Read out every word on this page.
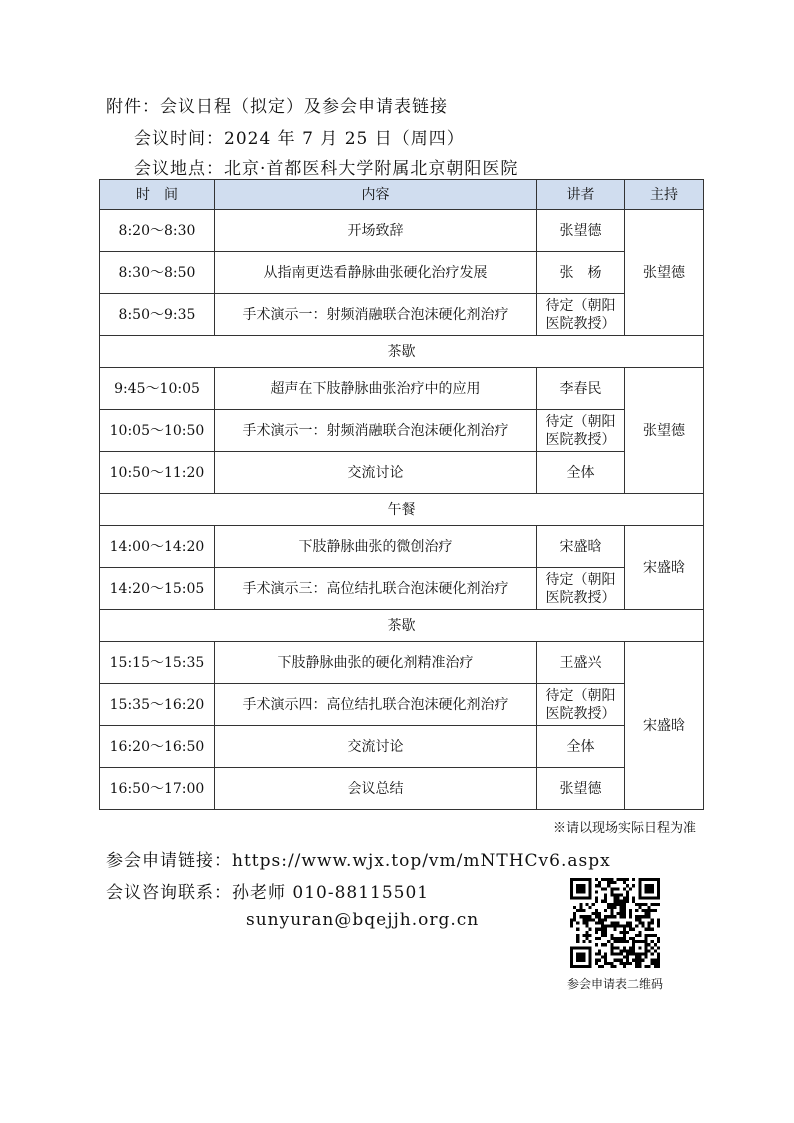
附件：会议日程（拟定）及参会申请表链接
会议时间：2024 年 7 月 25 日（周四）
会议地点：北京·首都医科大学附属北京朝阳医院
时　间	内容	讲者	主持
8:20～8:30	开场致辞	张望德	张望德
8:30～8:50	从指南更迭看静脉曲张硬化治疗发展	张　杨	
8:50～9:35	手术演示一：射频消融联合泡沫硬化剂治疗	待定（朝阳医院教授）	
茶歇			
9:45～10:05	超声在下肢静脉曲张治疗中的应用	李春民	张望德
10:05～10:50	手术演示一：射频消融联合泡沫硬化剂治疗	待定（朝阳医院教授）	
10:50～11:20	交流讨论	全体	
午餐			
14:00～14:20	下肢静脉曲张的微创治疗	宋盛晗	宋盛晗
14:20～15:05	手术演示三：高位结扎联合泡沫硬化剂治疗	待定（朝阳医院教授）	
茶歇			
15:15～15:35	下肢静脉曲张的硬化剂精准治疗	王盛兴	宋盛晗
15:35～16:20	手术演示四：高位结扎联合泡沫硬化剂治疗	待定（朝阳医院教授）	
16:20～16:50	交流讨论	全体	
16:50～17:00	会议总结	张望德	
※请以现场实际日程为准
参会申请链接：https://www.wjx.top/vm/mNTHCv6.aspx
会议咨询联系：孙老师 010-88115501
sunyuran@bqejjh.org.cn
参会申请表二维码
